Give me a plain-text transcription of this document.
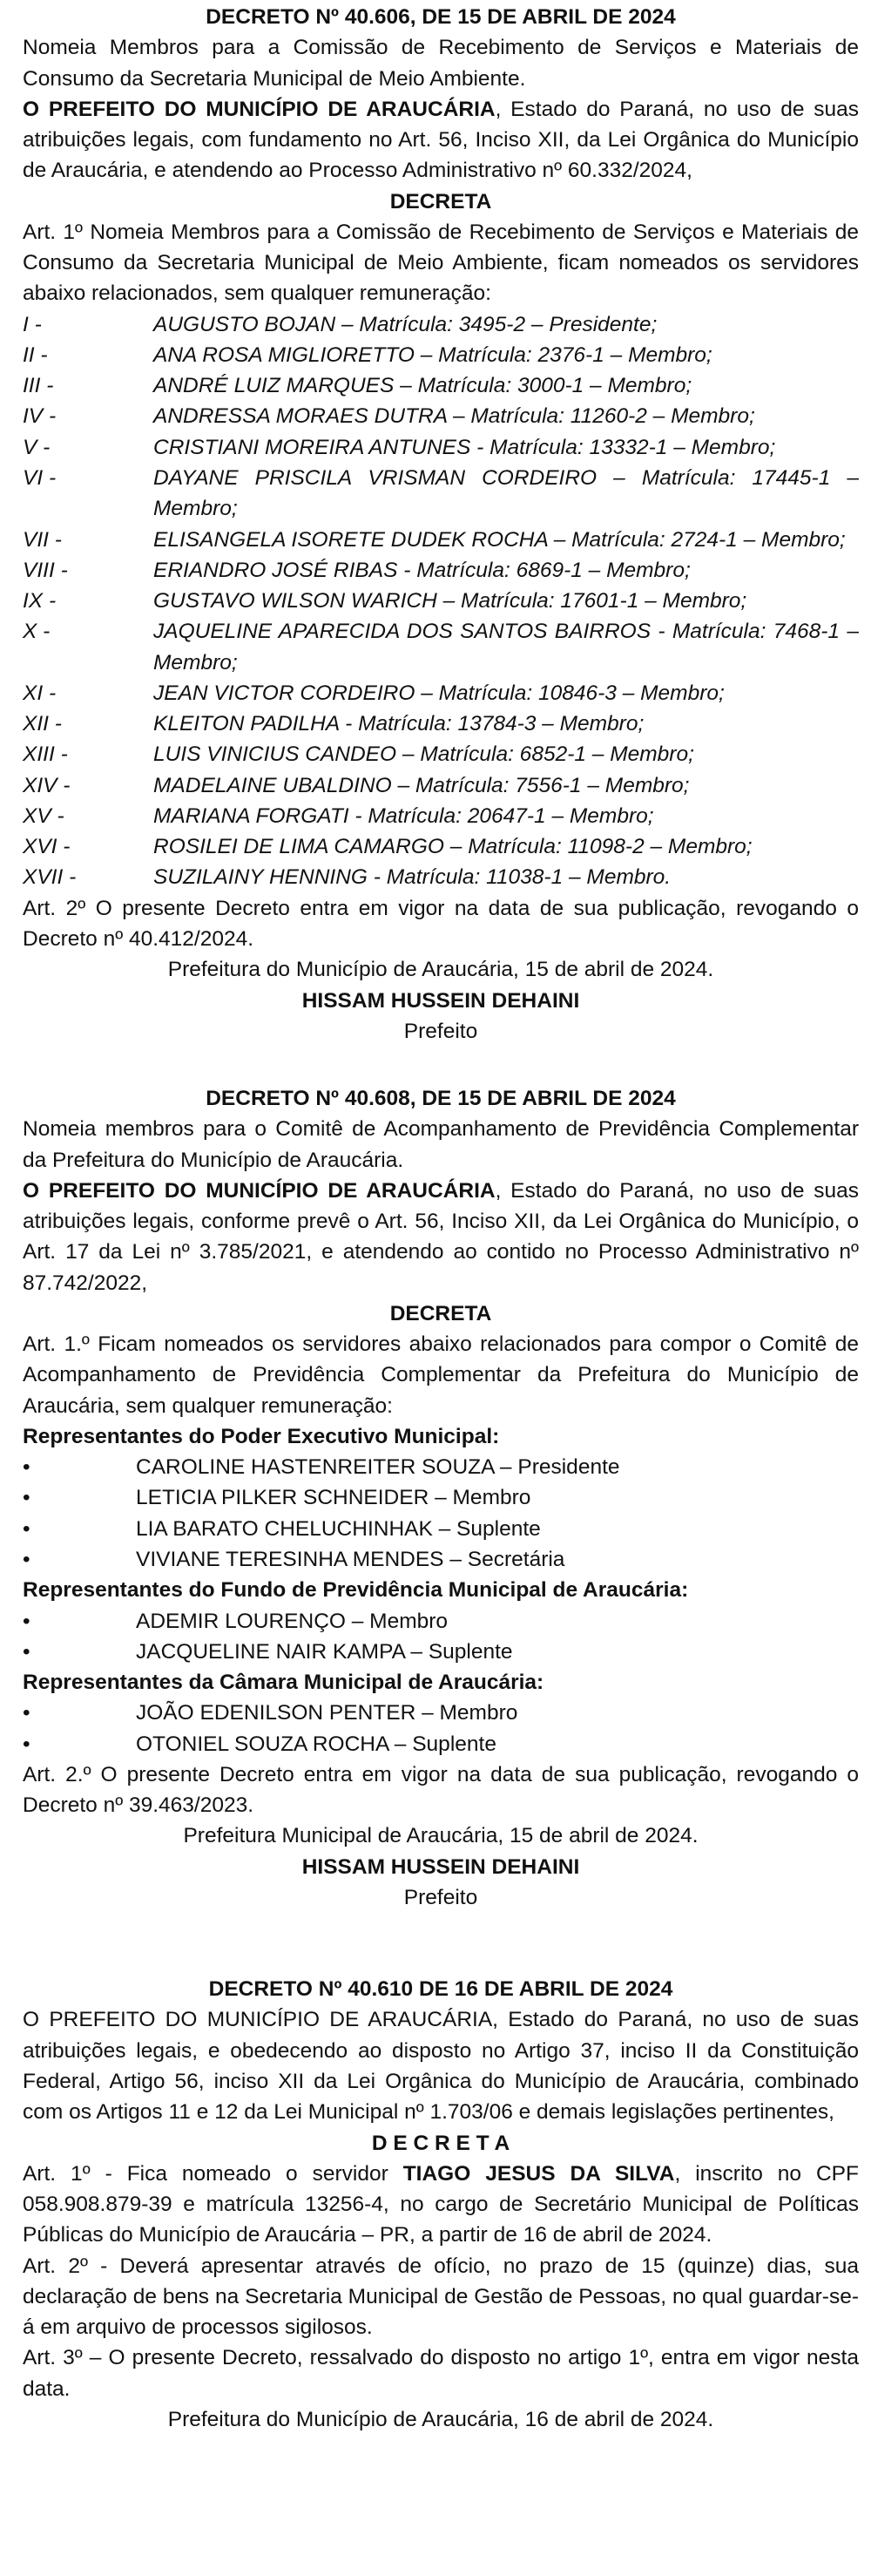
DECRETO Nº 40.606, DE 15 DE ABRIL DE 2024

Nomeia Membros para a Comissão de Recebimento de Serviços e Materiais de Consumo da Secretaria Municipal de Meio Ambiente.

O PREFEITO DO MUNICÍPIO DE ARAUCÁRIA, Estado do Paraná, no uso de suas atribuições legais, com fundamento no Art. 56, Inciso XII, da Lei Orgânica do Município de Araucária, e atendendo ao Processo Administrativo nº 60.332/2024,

DECRETA

Art. 1º Nomeia Membros para a Comissão de Recebimento de Serviços e Materiais de Consumo da Secretaria Municipal de Meio Ambiente, ficam nomeados os servidores abaixo relacionados, sem qualquer remuneração:

I -	AUGUSTO BOJAN – Matrícula: 3495-2 – Presidente;
II -	ANA ROSA MIGLIORETTO – Matrícula: 2376-1 – Membro;
III -	ANDRÉ LUIZ MARQUES – Matrícula: 3000-1 – Membro;
IV -	ANDRESSA MORAES DUTRA – Matrícula: 11260-2 – Membro;
V -	CRISTIANI MOREIRA ANTUNES - Matrícula: 13332-1 – Membro;
VI -	DAYANE PRISCILA VRISMAN CORDEIRO – Matrícula: 17445-1 – Membro;
VII -	ELISANGELA ISORETE DUDEK ROCHA – Matrícula: 2724-1 – Membro;
VIII -	ERIANDRO JOSÉ RIBAS - Matrícula: 6869-1 – Membro;
IX -	GUSTAVO WILSON WARICH – Matrícula: 17601-1 – Membro;
X -	JAQUELINE APARECIDA DOS SANTOS BAIRROS - Matrícula: 7468-1 – Membro;
XI -	JEAN VICTOR CORDEIRO – Matrícula: 10846-3 – Membro;
XII -	KLEITON PADILHA - Matrícula: 13784-3 – Membro;
XIII -	LUIS VINICIUS CANDEO – Matrícula: 6852-1 – Membro;
XIV -	MADELAINE UBALDINO – Matrícula: 7556-1 – Membro;
XV -	MARIANA FORGATI - Matrícula: 20647-1 – Membro;
XVI -	ROSILEI DE LIMA CAMARGO – Matrícula: 11098-2 – Membro;
XVII -	SUZILAINY HENNING - Matrícula: 11038-1 – Membro.

Art. 2º O presente Decreto entra em vigor na data de sua publicação, revogando o Decreto nº 40.412/2024.

Prefeitura do Município de Araucária, 15 de abril de 2024.
HISSAM HUSSEIN DEHAINI
Prefeito
DECRETO Nº 40.608, DE 15 DE ABRIL DE 2024

Nomeia membros para o Comitê de Acompanhamento de Previdência Complementar da Prefeitura do Município de Araucária.

O PREFEITO DO MUNICÍPIO DE ARAUCÁRIA, Estado do Paraná, no uso de suas atribuições legais, conforme prevê o Art. 56, Inciso XII, da Lei Orgânica do Município, o Art. 17 da Lei nº 3.785/2021, e atendendo ao contido no Processo Administrativo nº 87.742/2022,

DECRETA

Art. 1.º Ficam nomeados os servidores abaixo relacionados para compor o Comitê de Acompanhamento de Previdência Complementar da Prefeitura do Município de Araucária, sem qualquer remuneração:

Representantes do Poder Executivo Municipal:
•	CAROLINE HASTENREITER SOUZA – Presidente
•	LETICIA PILKER SCHNEIDER – Membro
•	LIA BARATO CHELUCHINHAK – Suplente
•	VIVIANE TERESINHA MENDES – Secretária
Representantes do Fundo de Previdência Municipal de Araucária:
•	ADEMIR LOURENÇO – Membro
•	JACQUELINE NAIR KAMPA – Suplente
Representantes da Câmara Municipal de Araucária:
•	JOÃO EDENILSON PENTER – Membro
•	OTONIEL SOUZA ROCHA – Suplente

Art. 2.º O presente Decreto entra em vigor na data de sua publicação, revogando o Decreto nº 39.463/2023.

Prefeitura Municipal de Araucária, 15 de abril de 2024.
HISSAM HUSSEIN DEHAINI
Prefeito
DECRETO Nº 40.610 DE 16 DE ABRIL DE 2024

O PREFEITO DO MUNICÍPIO DE ARAUCÁRIA, Estado do Paraná, no uso de suas atribuições legais, e obedecendo ao disposto no Artigo 37, inciso II da Constituição Federal, Artigo 56, inciso XII da Lei Orgânica do Município de Araucária, combinado com os Artigos 11 e 12 da Lei Municipal nº 1.703/06 e demais legislações pertinentes,

D E C R E T A

Art. 1º - Fica nomeado o servidor TIAGO JESUS DA SILVA, inscrito no CPF 058.908.879-39 e matrícula 13256-4, no cargo de Secretário Municipal de Políticas Públicas do Município de Araucária – PR, a partir de 16 de abril de 2024.

Art. 2º - Deverá apresentar através de ofício, no prazo de 15 (quinze) dias, sua declaração de bens na Secretaria Municipal de Gestão de Pessoas, no qual guardar-se-á em arquivo de processos sigilosos.

Art. 3º – O presente Decreto, ressalvado do disposto no artigo 1º, entra em vigor nesta data.

Prefeitura do Município de Araucária, 16 de abril de 2024.
